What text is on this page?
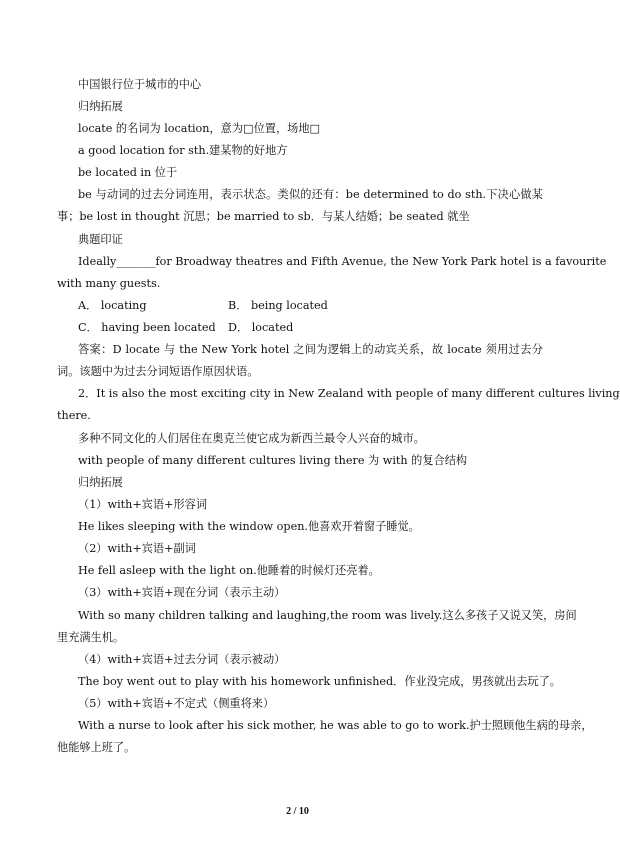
中国银行位于城市的中心
归纳拓展
locate 的名词为 location，意为□位置，场地□
a good location for sth.建某物的好地方
be located in 位于
be 与动词的过去分词连用，表示状态。类似的还有：be determined to do sth.下决心做某
事；be lost in thought 沉思；be married to sb．与某人结婚；be seated 就坐
典题印证
Ideally_______for Broadway theatres and Fifth Avenue, the New York Park hotel is a favourite
with many guests.
A． locating	B． being located
C． having been located D． located
答案：D locate 与 the New York hotel 之间为逻辑上的动宾关系，故 locate 须用过去分
词。该题中为过去分词短语作原因状语。
2．It is also the most exciting city in New Zealand with people of many different cultures living
there.
多种不同文化的人们居住在奥克兰使它成为新西兰最令人兴奋的城市。
with people of many different cultures living there 为 with 的复合结构
归纳拓展
（1）with+宾语+形容词
He likes sleeping with the window open.他喜欢开着窗子睡觉。
（2）with+宾语+副词
He fell asleep with the light on.他睡着的时候灯还亮着。
（3）with+宾语+现在分词（表示主动）
With so many children talking and laughing,the room was lively.这么多孩子又说又笑，房间
里充满生机。
（4）with+宾语+过去分词（表示被动）
The boy went out to play with his homework unfinished．作业没完成，男孩就出去玩了。
（5）with+宾语+不定式（侧重将来）
With a nurse to look after his sick mother, he was able to go to work.护士照顾他生病的母亲，
他能够上班了。
2 / 10
